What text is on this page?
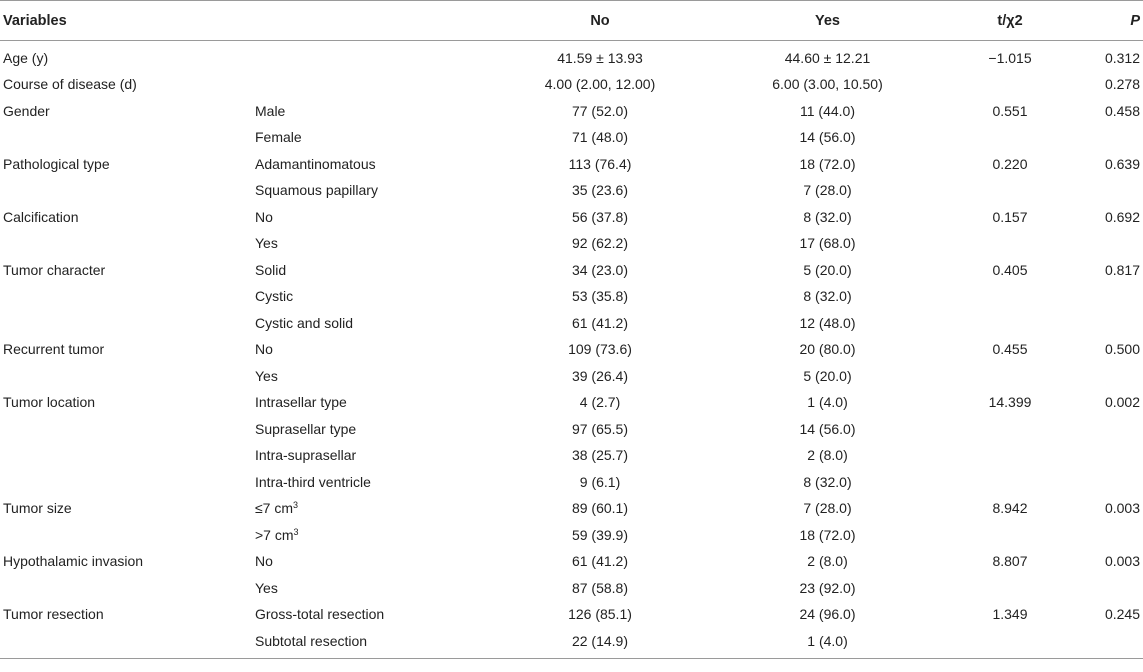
Variables		No	Yes	t/χ2	P
Age (y)		41.59 ± 13.93	44.60 ± 12.21	−1.015	0.312
Course of disease (d)		4.00 (2.00, 12.00)	6.00 (3.00, 10.50)		0.278
Gender	Male	77 (52.0)	11 (44.0)	0.551	0.458
	Female	71 (48.0)	14 (56.0)		
Pathological type	Adamantinomatous	113 (76.4)	18 (72.0)	0.220	0.639
	Squamous papillary	35 (23.6)	7 (28.0)		
Calcification	No	56 (37.8)	8 (32.0)	0.157	0.692
	Yes	92 (62.2)	17 (68.0)		
Tumor character	Solid	34 (23.0)	5 (20.0)	0.405	0.817
	Cystic	53 (35.8)	8 (32.0)		
	Cystic and solid	61 (41.2)	12 (48.0)		
Recurrent tumor	No	109 (73.6)	20 (80.0)	0.455	0.500
	Yes	39 (26.4)	5 (20.0)		
Tumor location	Intrasellar type	4 (2.7)	1 (4.0)	14.399	0.002
	Suprasellar type	97 (65.5)	14 (56.0)		
	Intra-suprasellar	38 (25.7)	2 (8.0)		
	Intra-third ventricle	9 (6.1)	8 (32.0)		
Tumor size	≤7 $cm^3$	89 (60.1)	7 (28.0)	8.942	0.003
	>7 $cm^3$	59 (39.9)	18 (72.0)		
Hypothalamic invasion	No	61 (41.2)	2 (8.0)	8.807	0.003
	Yes	87 (58.8)	23 (92.0)		
Tumor resection	Gross-total resection	126 (85.1)	24 (96.0)	1.349	0.245
	Subtotal resection	22 (14.9)	1 (4.0)		
